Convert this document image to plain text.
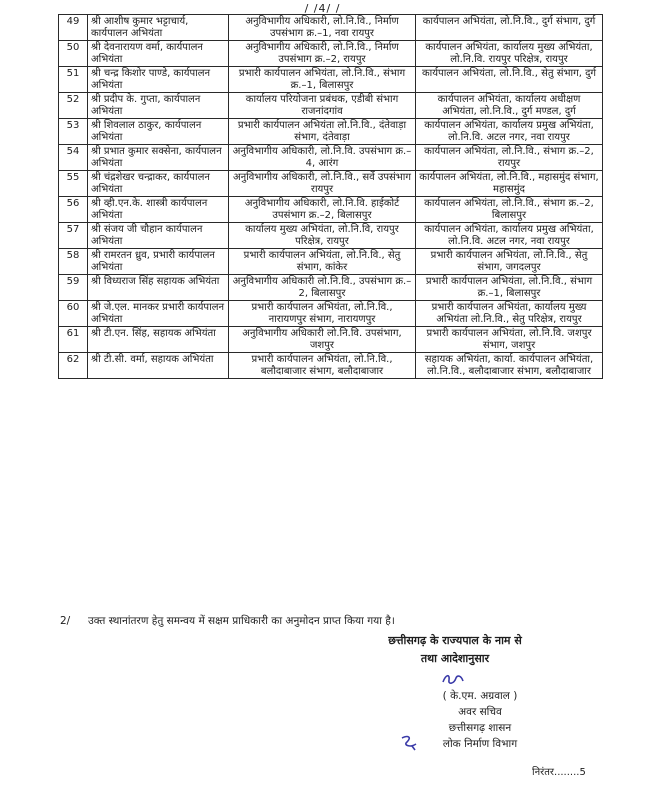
/ /4/ /
49	श्री आशीष कुमार भट्टाचार्य, कार्यपालन अभियंता	अनुविभागीय अधिकारी, लो.नि.वि., निर्माण उपसंभाग क्र.–1, नवा रायपुर	कार्यपालन अभियंता, लो.नि.वि., दुर्ग संभाग, दुर्ग
50	श्री देवनारायण वर्मा, कार्यपालन अभियंता	अनुविभागीय अधिकारी, लो.नि.वि., निर्माण उपसंभाग क्र.–2, रायपुर	कार्यपालन अभियंता, कार्यालय मुख्य अभियंता, लो.नि.वि. रायपुर परिक्षेत्र, रायपुर
51	श्री चन्द्र किशोर पाण्डे, कार्यपालन अभियंता	प्रभारी कार्यपालन अभियंता, लो.नि.वि., संभाग क्र.–1, बिलासपुर	कार्यपालन अभियंता, लो.नि.वि., सेतु संभाग, दुर्ग
52	श्री प्रदीप के. गुप्ता, कार्यपालन अभियंता	कार्यालय परियोजना प्रबंधक, एडीबी संभाग राजनांदगांव	कार्यपालन अभियंता, कार्यालय अधीक्षण अभियंता, लो.नि.वि., दुर्ग मण्डल, दुर्ग
53	श्री शिवलाल ठाकुर, कार्यपालन अभियंता	प्रभारी कार्यपालन अभियंता लो.नि.वि., दंतेवाड़ा संभाग, दंतेवाड़ा	कार्यपालन अभियंता, कार्यालय प्रमुख अभियंता, लो.नि.वि. अटल नगर, नवा रायपुर
54	श्री प्रभात कुमार सक्सेना, कार्यपालन अभियंता	अनुविभागीय अधिकारी, लो.नि.वि. उपसंभाग क्र.–4, आरंग	कार्यपालन अभियंता, लो.नि.वि., संभाग क्र.–2, रायपुर
55	श्री चंद्रशेखर चन्द्राकर, कार्यपालन अभियंता	अनुविभागीय अधिकारी, लो.नि.वि., सर्वे उपसंभाग रायपुर	कार्यपालन अभियंता, लो.नि.वि., महासमुंद संभाग, महासमुंद
56	श्री व्ही.एन.के. शास्त्री कार्यपालन अभियंता	अनुविभागीय अधिकारी, लो.नि.वि. हाईकोर्ट उपसंभाग क्र.–2, बिलासपुर	कार्यपालन अभियंता, लो.नि.वि., संभाग क्र.–2, बिलासपुर
57	श्री संजय जी चौहान कार्यपालन अभियंता	कार्यालय मुख्य अभियंता, लो.नि.वि, रायपुर परिक्षेत्र, रायपुर	कार्यपालन अभियंता, कार्यालय प्रमुख अभियंता, लो.नि.वि. अटल नगर, नवा रायपुर
58	श्री रामरतन ध्रुव, प्रभारी कार्यपालन अभियंता	प्रभारी कार्यपालन अभियंता, लो.नि.वि., सेतु संभाग, कांकेर	प्रभारी कार्यपालन अभियंता, लो.नि.वि., सेतु संभाग, जगदलपुर
59	श्री विध्यराज सिंह सहायक अभियंता	अनुविभागीय अधिकारी लो.नि.वि., उपसंभाग क्र.–2, बिलासपुर	प्रभारी कार्यपालन अभियंता, लो.नि.वि., संभाग क्र.–1, बिलासपुर
60	श्री जे.एल. मानकर प्रभारी कार्यपालन अभियंता	प्रभारी कार्यपालन अभियंता, लो.नि.वि., नारायणपुर संभाग, नारायणपुर	प्रभारी कार्यपालन अभियंता, कार्यालय मुख्य अभियंता लो.नि.वि., सेतु परिक्षेत्र, रायपुर
61	श्री टी.एन. सिंह, सहायक अभियंता	अनुविभागीय अधिकारी लो.नि.वि. उपसंभाग, जशपुर	प्रभारी कार्यपालन अभियंता, लो.नि.वि. जशपुर संभाग, जशपुर
62	श्री टी.सी. वर्मा, सहायक अभियंता	प्रभारी कार्यपालन अभियंता, लो.नि.वि., बलौदाबाजार संभाग, बलौदाबाजार	सहायक अभियंता, कार्या. कार्यपालन अभियंता, लो.नि.वि., बलौदाबाजार संभाग, बलौदाबाजार
2/ उक्त स्थानांतरण हेतु समन्वय में सक्षम प्राधिकारी का अनुमोदन प्राप्त किया गया है।
छत्तीसगढ़ के राज्यपाल के नाम से
तथा आदेशानुसार
( के.एम. अग्रवाल )
अवर सचिव
छत्तीसगढ़ शासन
लोक निर्माण विभाग
निरंतर........5
